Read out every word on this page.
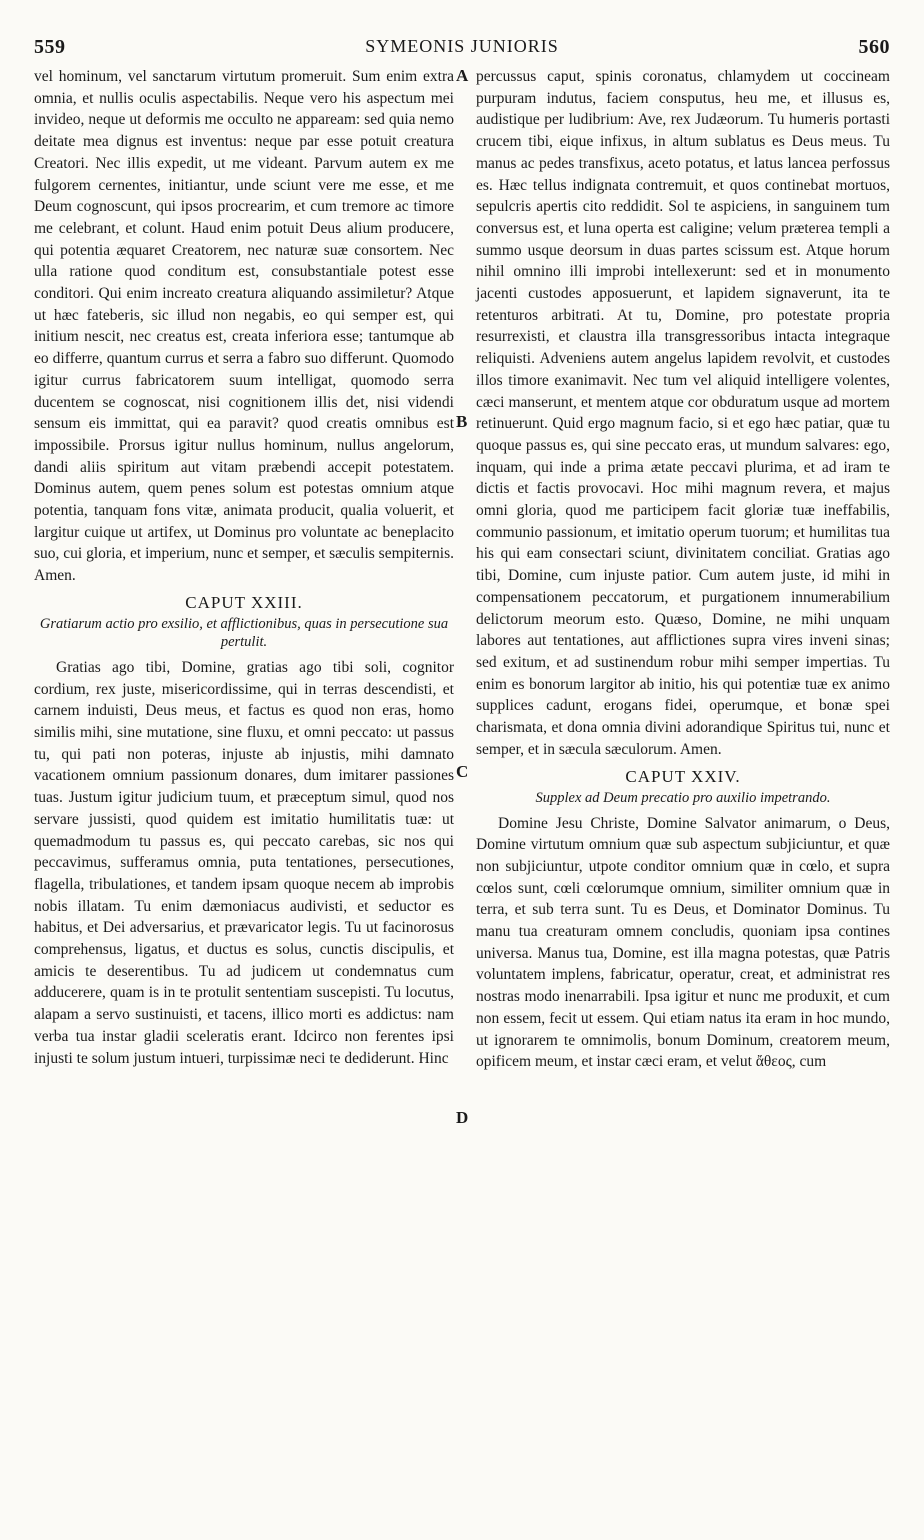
559	SYMEONIS JUNIORIS	560
A
B
C
D

vel hominum, vel sanctarum virtutum promeruit. Sum enim extra omnia, et nullis oculis aspectabilis. Neque vero his aspectum mei invideo, neque ut deformis me occulto ne appaream: sed quia nemo deitate mea dignus est inventus: neque par esse potuit creatura Creatori. Nec illis expedit, ut me videant. Parvum autem ex me fulgorem cernentes, initiantur, unde sciunt vere me esse, et me Deum cognoscunt, qui ipsos procrearim, et cum tremore ac timore me celebrant, et colunt. Haud enim potuit Deus alium producere, qui potentia æquaret Creatorem, nec naturæ suæ consortem. Nec ulla ratione quod conditum est, consubstantiale potest esse conditori. Qui enim increato creatura aliquando assimiletur? Atque ut hæc fateberis, sic illud non negabis, eo qui semper est, qui initium nescit, nec creatus est, creata inferiora esse; tantumque ab eo differre, quantum currus et serra a fabro suo differunt. Quomodo igitur currus fabricatorem suum intelligat, quomodo serra ducentem se cognoscat, nisi cognitionem illis det, nisi videndi sensum eis immittat, qui ea paravit? quod creatis omnibus est impossibile. Prorsus igitur nullus hominum, nullus angelorum, dandi aliis spiritum aut vitam præbendi accepit potestatem. Dominus autem, quem penes solum est potestas omnium atque potentia, tanquam fons vitæ, animata producit, qualia voluerit, et largitur cuique ut artifex, ut Dominus pro voluntate ac beneplacito suo, cui gloria, et imperium, nunc et semper, et sæculis sempiternis. Amen.

CAPUT XXIII.
Gratiarum actio pro exsilio, et afflictionibus, quas in persecutione sua pertulit.

Gratias ago tibi, Domine, gratias ago tibi soli, cognitor cordium, rex juste, misericordissime, qui in terras descendisti, et carnem induisti, Deus meus, et factus es quod non eras, homo similis mihi, sine mutatione, sine fluxu, et omni peccato: ut passus tu, qui pati non poteras, injuste ab injustis, mihi damnato vacationem omnium passionum donares, dum imitarer passiones tuas. Justum igitur judicium tuum, et præceptum simul, quod nos servare jussisti, quod quidem est imitatio humilitatis tuæ: ut quemadmodum tu passus es, qui peccato carebas, sic nos qui peccavimus, sufferamus omnia, puta tentationes, persecutiones, flagella, tribulationes, et tandem ipsam quoque necem ab improbis nobis illatam. Tu enim dæmoniacus audivisti, et seductor es habitus, et Dei adversarius, et prævaricator legis. Tu ut facinorosus comprehensus, ligatus, et ductus es solus, cunctis discipulis, et amicis te deserentibus. Tu ad judicem ut condemnatus cum adducerere, quam is in te protulit sententiam suscepisti. Tu locutus, alapam a servo sustinuisti, et tacens, illico morti es addictus: nam verba tua instar gladii sceleratis erant. Idcirco non ferentes ipsi injusti te solum justum intueri, turpissimæ neci te dediderunt. Hinc

percussus caput, spinis coronatus, chlamydem ut coccineam purpuram indutus, faciem consputus, heu me, et illusus es, audistique per ludibrium: Ave, rex Judæorum. Tu humeris portasti crucem tibi, eique infixus, in altum sublatus es Deus meus. Tu manus ac pedes transfixus, aceto potatus, et latus lancea perfossus es. Hæc tellus indignata contremuit, et quos continebat mortuos, sepulcris apertis cito reddidit. Sol te aspiciens, in sanguinem tum conversus est, et luna operta est caligine; velum præterea templi a summo usque deorsum in duas partes scissum est. Atque horum nihil omnino illi improbi intellexerunt: sed et in monumento jacenti custodes apposuerunt, et lapidem signaverunt, ita te retenturos arbitrati. At tu, Domine, pro potestate propria resurrexisti, et claustra illa transgressoribus intacta integraque reliquisti. Adveniens autem angelus lapidem revolvit, et custodes illos timore exanimavit. Nec tum vel aliquid intelligere volentes, cæci manserunt, et mentem atque cor obduratum usque ad mortem retinuerunt. Quid ergo magnum facio, si et ego hæc patiar, quæ tu quoque passus es, qui sine peccato eras, ut mundum salvares: ego, inquam, qui inde a prima ætate peccavi plurima, et ad iram te dictis et factis provocavi. Hoc mihi magnum revera, et majus omni gloria, quod me participem facit gloriæ tuæ ineffabilis, communio passionum, et imitatio operum tuorum; et humilitas tua his qui eam consectari sciunt, divinitatem conciliat. Gratias ago tibi, Domine, cum injuste patior. Cum autem juste, id mihi in compensationem peccatorum, et purgationem innumerabilium delictorum meorum esto. Quæso, Domine, ne mihi unquam labores aut tentationes, aut afflictiones supra vires inveni sinas; sed exitum, et ad sustinendum robur mihi semper impertias. Tu enim es bonorum largitor ab initio, his qui potentiæ tuæ ex animo supplices cadunt, erogans fidei, operumque, et bonæ spei charismata, et dona omnia divini adorandique Spiritus tui, nunc et semper, et in sæcula sæculorum. Amen.

CAPUT XXIV.
Supplex ad Deum precatio pro auxilio impetrando.

Domine Jesu Christe, Domine Salvator animarum, o Deus, Domine virtutum omnium quæ sub aspectum subjiciuntur, et quæ non subjiciuntur, utpote conditor omnium quæ in cœlo, et supra cœlos sunt, cœli cœlorumque omnium, similiter omnium quæ in terra, et sub terra sunt. Tu es Deus, et Dominator Dominus. Tu manu tua creaturam omnem concludis, quoniam ipsa contines universa. Manus tua, Domine, est illa magna potestas, quæ Patris voluntatem implens, fabricatur, operatur, creat, et administrat res nostras modo inenarrabili. Ipsa igitur et nunc me produxit, et cum non essem, fecit ut essem. Qui etiam natus ita eram in hoc mundo, ut ignorarem te omnimolis, bonum Dominum, creatorem meum, opificem meum, et instar cæci eram, et velut ἄθεος, cum
